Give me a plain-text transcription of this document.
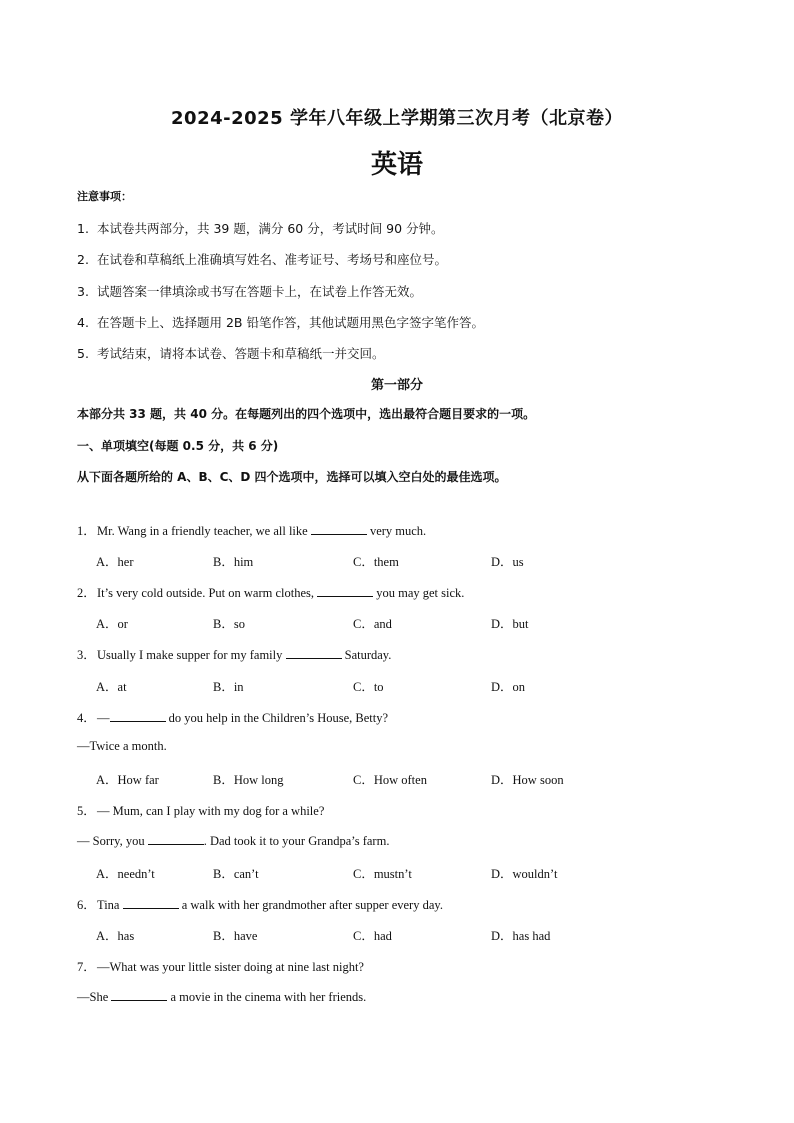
2024-2025 学年八年级上学期第三次月考（北京卷）
英语
注意事项：
1. 本试卷共两部分，共 39 题，满分 60 分，考试时间 90 分钟。
2. 在试卷和草稿纸上准确填写姓名、准考证号、考场号和座位号。
3. 试题答案一律填涂或书写在答题卡上，在试卷上作答无效。
4. 在答题卡上、选择题用 2B 铅笔作答，其他试题用黑色字签字笔作答。
5. 考试结束，请将本试卷、答题卡和草稿纸一并交回。
第一部分
本部分共 33 题，共 40 分。在每题列出的四个选项中，选出最符合题目要求的一项。
一、单项填空(每题 0.5 分，共 6 分)
从下面各题所给的 A、B、C、D 四个选项中，选择可以填入空白处的最佳选项。
1．Mr. Wang in a friendly teacher, we all like	very much.
A．her	B．him	C．them	D．us
2．It’s very cold outside. Put on warm clothes,	you may get sick.
A．or	B．so	C．and	D．but
3．Usually I make supper for my family	Saturday.
A．at	B．in	C．to	D．on
4．—	do you help in the Children’s House, Betty?
—Twice a month.
A．How far	B．How long	C．How often	D．How soon
5．— Mum, can I play with my dog for a while?
— Sorry, you	. Dad took it to your Grandpa’s farm.
A．needn’t	B．can’t	C．mustn’t	D．wouldn’t
6．Tina	a walk with her grandmother after supper every day.
A．has	B．have	C．had	D．has had
7．—What was your little sister doing at nine last night?
—She	a movie in the cinema with her friends.
